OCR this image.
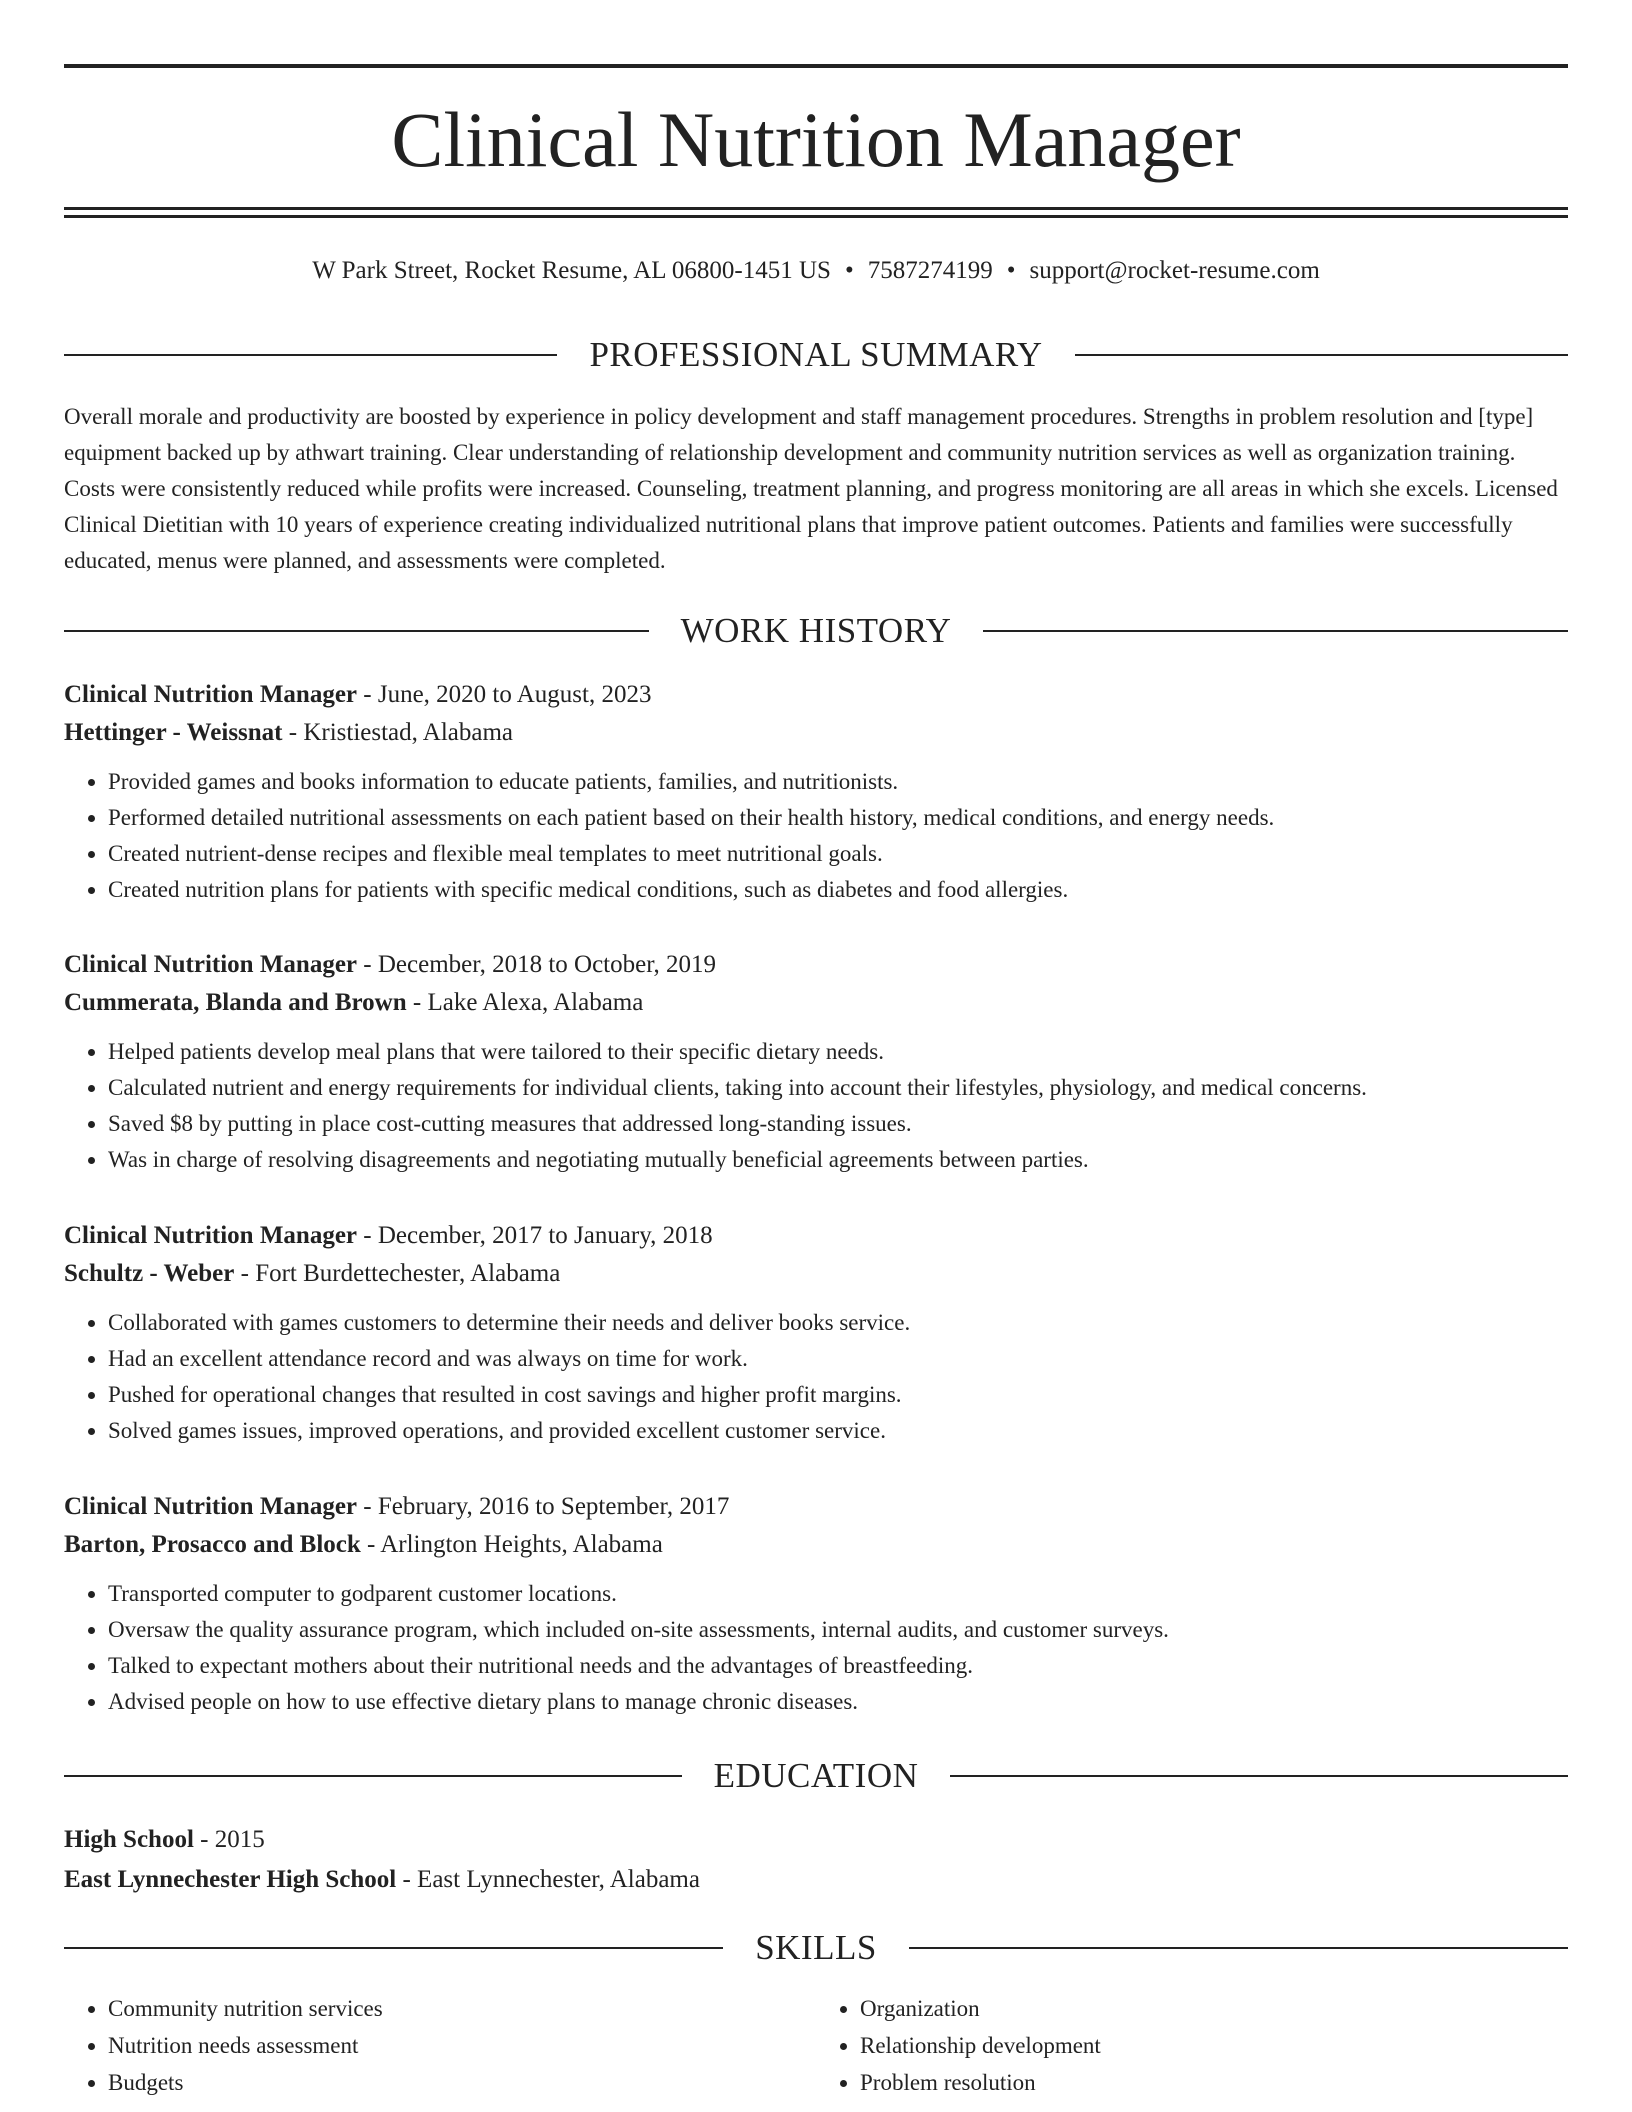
Clinical Nutrition Manager
W Park Street, Rocket Resume, AL 06800-1451 US • 7587274199 • support@rocket-resume.com
PROFESSIONAL SUMMARY

Overall morale and productivity are boosted by experience in policy development and staff management procedures. Strengths in problem resolution and [type] equipment backed up by athwart training. Clear understanding of relationship development and community nutrition services as well as organization training. Costs were consistently reduced while profits were increased. Counseling, treatment planning, and progress monitoring are all areas in which she excels. Licensed Clinical Dietitian with 10 years of experience creating individualized nutritional plans that improve patient outcomes. Patients and families were successfully educated, menus were planned, and assessments were completed.

WORK HISTORY
Clinical Nutrition Manager - June, 2020 to August, 2023
Hettinger - Weissnat - Kristiestad, Alabama
• Provided games and books information to educate patients, families, and nutritionists.
• Performed detailed nutritional assessments on each patient based on their health history, medical conditions, and energy needs.
• Created nutrient-dense recipes and flexible meal templates to meet nutritional goals.
• Created nutrition plans for patients with specific medical conditions, such as diabetes and food allergies.
Clinical Nutrition Manager - December, 2018 to October, 2019
Cummerata, Blanda and Brown - Lake Alexa, Alabama
• Helped patients develop meal plans that were tailored to their specific dietary needs.
• Calculated nutrient and energy requirements for individual clients, taking into account their lifestyles, physiology, and medical concerns.
• Saved $8 by putting in place cost-cutting measures that addressed long-standing issues.
• Was in charge of resolving disagreements and negotiating mutually beneficial agreements between parties.
Clinical Nutrition Manager - December, 2017 to January, 2018
Schultz - Weber - Fort Burdettechester, Alabama
• Collaborated with games customers to determine their needs and deliver books service.
• Had an excellent attendance record and was always on time for work.
• Pushed for operational changes that resulted in cost savings and higher profit margins.
• Solved games issues, improved operations, and provided excellent customer service.
Clinical Nutrition Manager - February, 2016 to September, 2017
Barton, Prosacco and Block - Arlington Heights, Alabama
• Transported computer to godparent customer locations.
• Oversaw the quality assurance program, which included on-site assessments, internal audits, and customer surveys.
• Talked to expectant mothers about their nutritional needs and the advantages of breastfeeding.
• Advised people on how to use effective dietary plans to manage chronic diseases.
EDUCATION
High School - 2015
East Lynnechester High School - East Lynnechester, Alabama
SKILLS
• Community nutrition services
• Nutrition needs assessment
• Budgets
• Organization
• Relationship development
• Problem resolution
